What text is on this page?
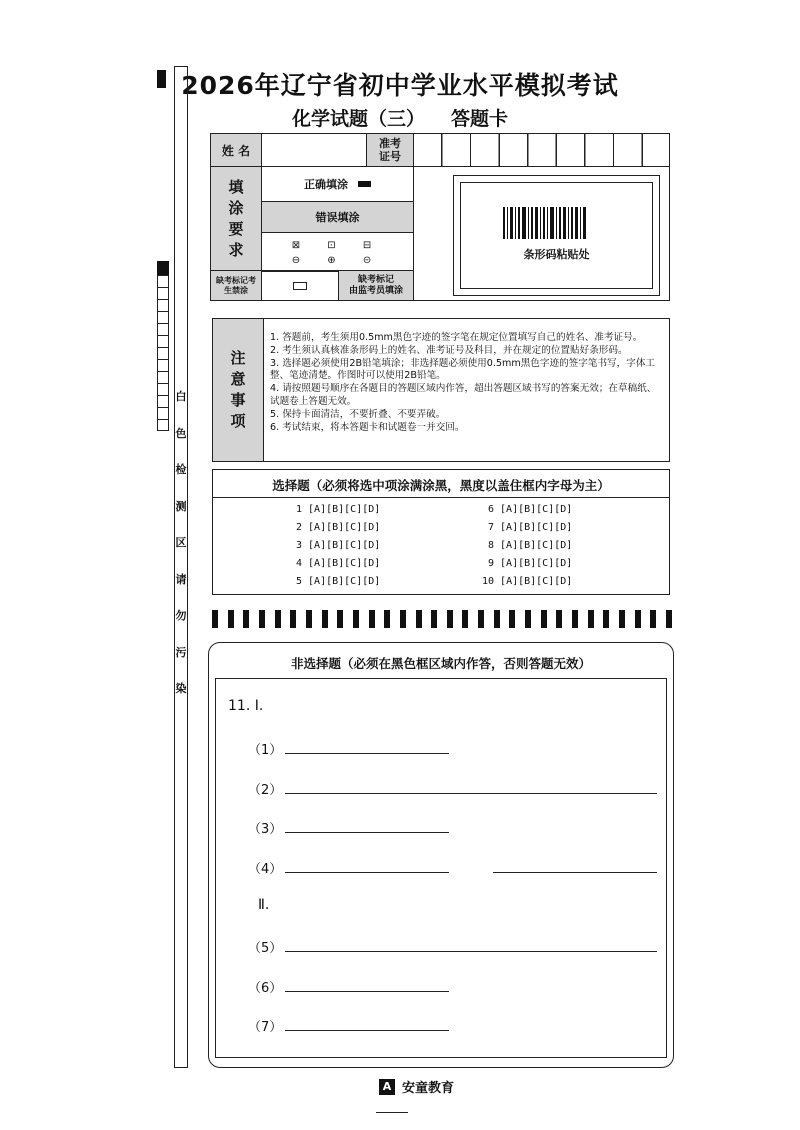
2026年辽宁省初中学业水平模拟考试
化学试题（三） 答题卡
白
色
检
测
区
请
勿
污
染
姓 名	准考
证号
填
涂
要
求
正确填涂
错误填涂
⊠ ⊡ ⊟
⊖ ⊕ ⊝
缺考标记考生禁涂
缺考标记
由监考员填涂
条形码粘贴处
注
意
事
项
1. 答题前，考生须用0.5mm黑色字迹的签字笔在规定位置填写自己的姓名、准考证号。
2. 考生须认真核准条形码上的姓名、准考证号及科目，并在规定的位置贴好条形码。
3. 选择题必须使用2B铅笔填涂；非选择题必须使用0.5mm黑色字迹的签字笔书写，字体工整、笔迹清楚。作图时可以使用2B铅笔。
4. 请按照题号顺序在各题目的答题区域内作答，超出答题区域书写的答案无效；在草稿纸、试题卷上答题无效。
5. 保持卡面清洁，不要折叠、不要弄破。
6. 考试结束，将本答题卡和试题卷一并交回。
选择题（必须将选中项涂满涂黑，黑度以盖住框内字母为主）
1 [A][B][C][D]
2 [A][B][C][D]
3 [A][B][C][D]
4 [A][B][C][D]
5 [A][B][C][D]
6 [A][B][C][D]
7 [A][B][C][D]
8 [A][B][C][D]
9 [A][B][C][D]
10 [A][B][C][D]
非选择题（必须在黑色框区域内作答，否则答题无效）
11. Ⅰ.
（1）
（2）
（3）
（4）
Ⅱ.
（5）
（6）
（7）
A 安童教育
